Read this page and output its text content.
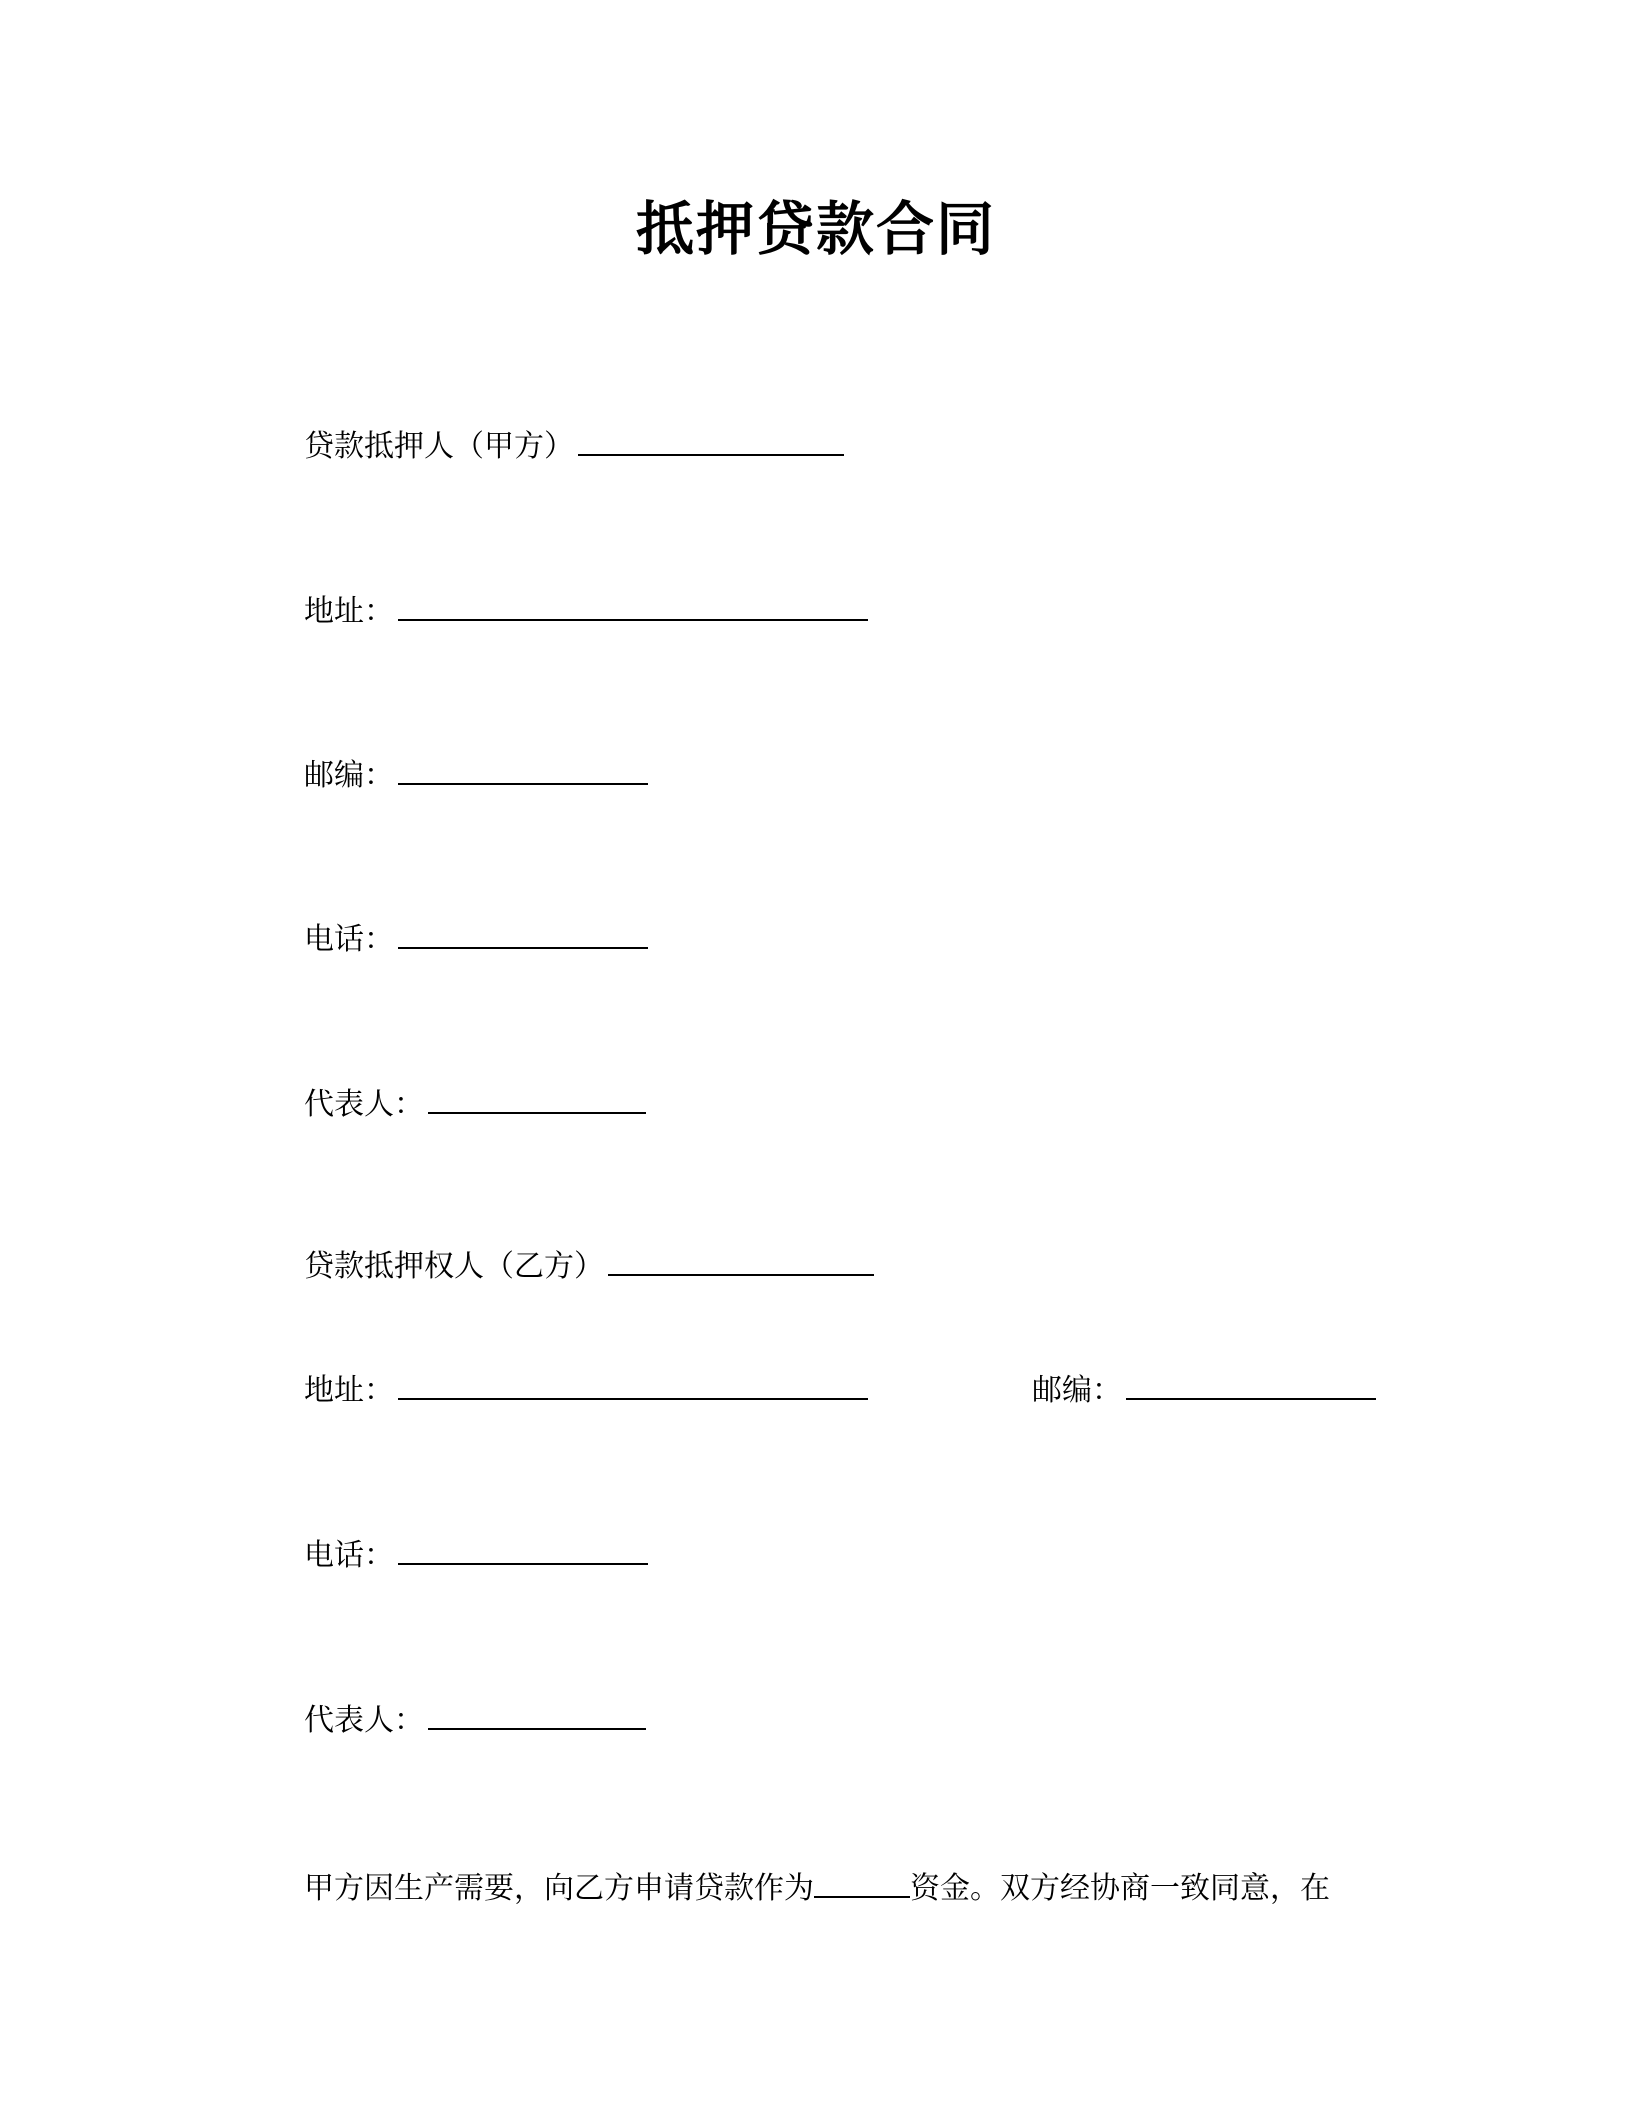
抵押贷款合同
贷款抵押人（甲方）
地址：
邮编：
电话：
代表人：
贷款抵押权人（乙方）
地址：	邮编：
电话：
代表人：
甲方因生产需要，向乙方申请贷款作为	资金。双方经协商一致同意，在
